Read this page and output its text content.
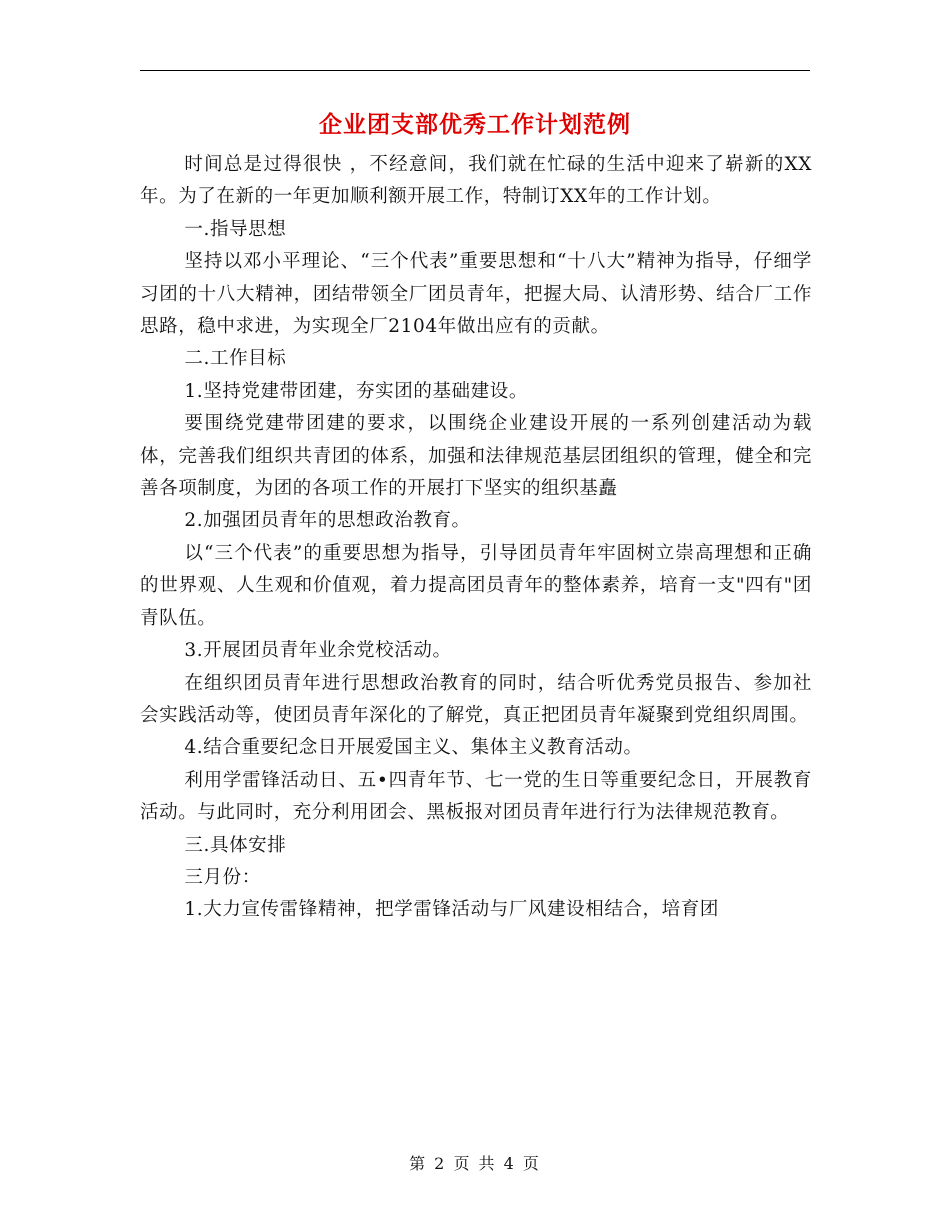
企业团支部优秀工作计划范例

时间总是过得很快 ，不经意间，我们就在忙碌的生活中迎来了崭新的XX年。为了在新的一年更加顺利额开展工作，特制订XX年的工作计划。

一.指导思想

坚持以邓小平理论、“三个代表”重要思想和“十八大”精神为指导，仔细学习团的十八大精神，团结带领全厂团员青年，把握大局、认清形势、结合厂工作思路，稳中求进，为实现全厂2104年做出应有的贡献。

二.工作目标

1.坚持党建带团建，夯实团的基础建设。

要围绕党建带团建的要求，以围绕企业建设开展的一系列创建活动为载体，完善我们组织共青团的体系，加强和法律规范基层团组织的管理，健全和完善各项制度，为团的各项工作的开展打下坚实的组织基矗

2.加强团员青年的思想政治教育。

以“三个代表”的重要思想为指导，引导团员青年牢固树立崇高理想和正确的世界观、人生观和价值观，着力提高团员青年的整体素养，培育一支"四有"团青队伍。

3.开展团员青年业余党校活动。

在组织团员青年进行思想政治教育的同时，结合听优秀党员报告、参加社会实践活动等，使团员青年深化的了解党，真正把团员青年凝聚到党组织周围。

4.结合重要纪念日开展爱国主义、集体主义教育活动。

利用学雷锋活动日、五•四青年节、七一党的生日等重要纪念日，开展教育活动。与此同时，充分利用团会、黑板报对团员青年进行行为法律规范教育。

三.具体安排

三月份：

1.大力宣传雷锋精神，把学雷锋活动与厂风建设相结合，培育团

第 2 页 共 4 页
